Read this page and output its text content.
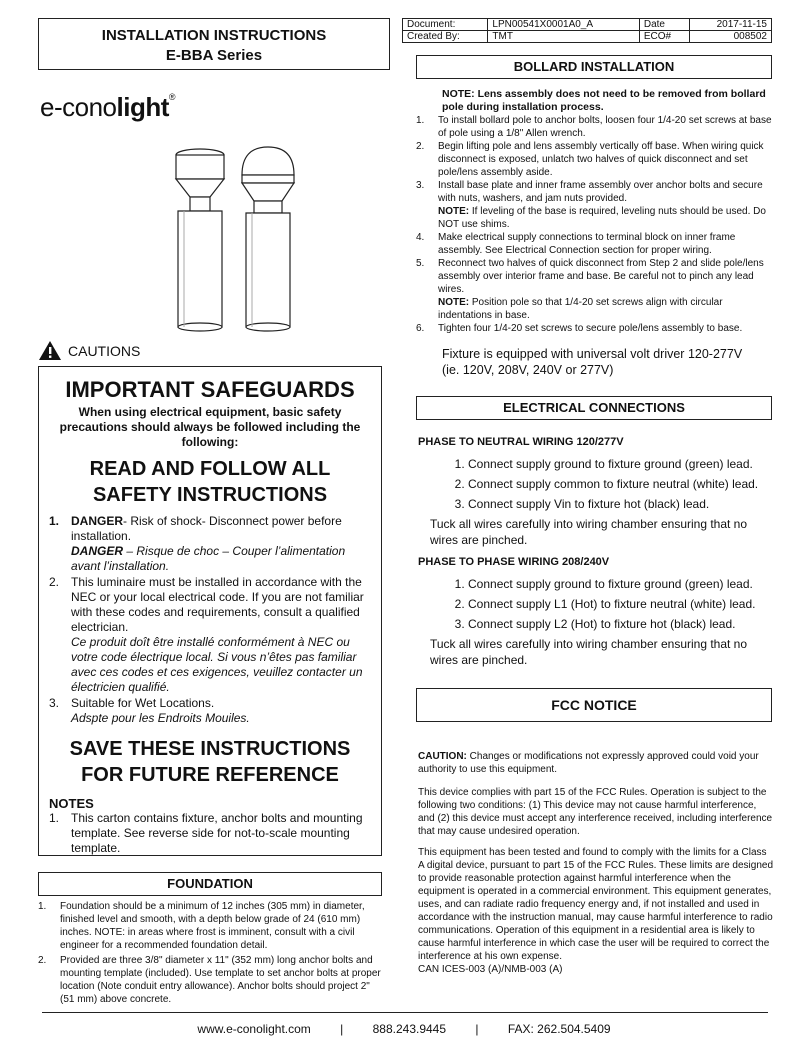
INSTALLATION INSTRUCTIONS
E-BBA Series
Document:	LPN00541X0001A0_A	Date	2017-11-15
Created By:	TMT	ECO#	008502
e-conolight®
CAUTIONS
IMPORTANT SAFEGUARDS
When using electrical equipment, basic safety precautions should always be followed including the following:
READ AND FOLLOW ALL SAFETY INSTRUCTIONS
1. DANGER- Risk of shock- Disconnect power before installation.
DANGER – Risque de choc – Couper l’alimentation avant l’installation.
2. This luminaire must be installed in accordance with the NEC or your local electrical code. If you are not familiar with these codes and requirements, consult a qualified electrician.
Ce produit doît être installé conformément à NEC ou votre code électrique local. Si vous n’êtes pas familiar avec ces codes et ces exigences, veuillez contacter un électricien qualifié.
3. Suitable for Wet Locations.
Adspte pour les Endroits Mouiles.
SAVE THESE INSTRUCTIONS FOR FUTURE REFERENCE
NOTES
1. This carton contains fixture, anchor bolts and mounting template. See reverse side for not-to-scale mounting template.
FOUNDATION
1.	Foundation should be a minimum of 12 inches (305 mm) in diameter, finished level and smooth, with a depth below grade of 24 (610 mm) inches. NOTE: in areas where frost is imminent, consult with a civil engineer for a recommended foundation detail.
2.	Provided are three 3/8" diameter x 11" (352 mm) long anchor bolts and mounting template (included). Use template to set anchor bolts at proper location (Note conduit entry allowance). Anchor bolts should project 2" (51 mm) above concrete.
BOLLARD INSTALLATION
NOTE: Lens assembly does not need to be removed from bollard pole during installation process.
1.	To install bollard pole to anchor bolts, loosen four 1/4-20 set screws at base of pole using a 1/8" Allen wrench.
2.	Begin lifting pole and lens assembly vertically off base. When wiring quick disconnect is exposed, unlatch two halves of quick disconnect and set pole/lens assembly aside.
3.	Install base plate and inner frame assembly over anchor bolts and secure with nuts, washers, and jam nuts provided.
NOTE: If leveling of the base is required, leveling nuts should be used. Do NOT use shims.
4.	Make electrical supply connections to terminal block on inner frame assembly. See Electrical Connection section for proper wiring.
5.	Reconnect two halves of quick disconnect from Step 2 and slide pole/lens assembly over interior frame and base. Be careful not to pinch any lead wires.
NOTE: Position pole so that 1/4-20 set screws align with circular indentations in base.
6.	Tighten four 1/4-20 set screws to secure pole/lens assembly to base.
Fixture is equipped with universal volt driver 120-277V (ie. 120V, 208V, 240V or 277V)
ELECTRICAL CONNECTIONS
PHASE TO NEUTRAL WIRING 120/277V
1. Connect supply ground to fixture ground (green) lead.
2. Connect supply common to fixture neutral (white) lead.
3. Connect supply Vin to fixture hot (black) lead.
Tuck all wires carefully into wiring chamber ensuring that no wires are pinched.
PHASE TO PHASE WIRING 208/240V
1. Connect supply ground to fixture ground (green) lead.
2. Connect supply L1 (Hot) to fixture neutral (white) lead.
3. Connect supply L2 (Hot) to fixture hot (black) lead.
Tuck all wires carefully into wiring chamber ensuring that no wires are pinched.
FCC NOTICE
CAUTION: Changes or modifications not expressly approved could void your authority to use this equipment.
This device complies with part 15 of the FCC Rules. Operation is subject to the following two conditions: (1) This device may not cause harmful interference, and (2) this device must accept any interference received, including interference that may cause undesired operation.
This equipment has been tested and found to comply with the limits for a Class A digital device, pursuant to part 15 of the FCC Rules. These limits are designed to provide reasonable protection against harmful interference when the equipment is operated in a commercial environment. This equipment generates, uses, and can radiate radio frequency energy and, if not installed and used in accordance with the instruction manual, may cause harmful interference to radio communications. Operation of this equipment in a residential area is likely to cause harmful interference in which case the user will be required to correct the interference at his own expense.
CAN ICES-003 (A)/NMB-003 (A)
www.e-conolight.com | 888.243.9445 | FAX: 262.504.5409
